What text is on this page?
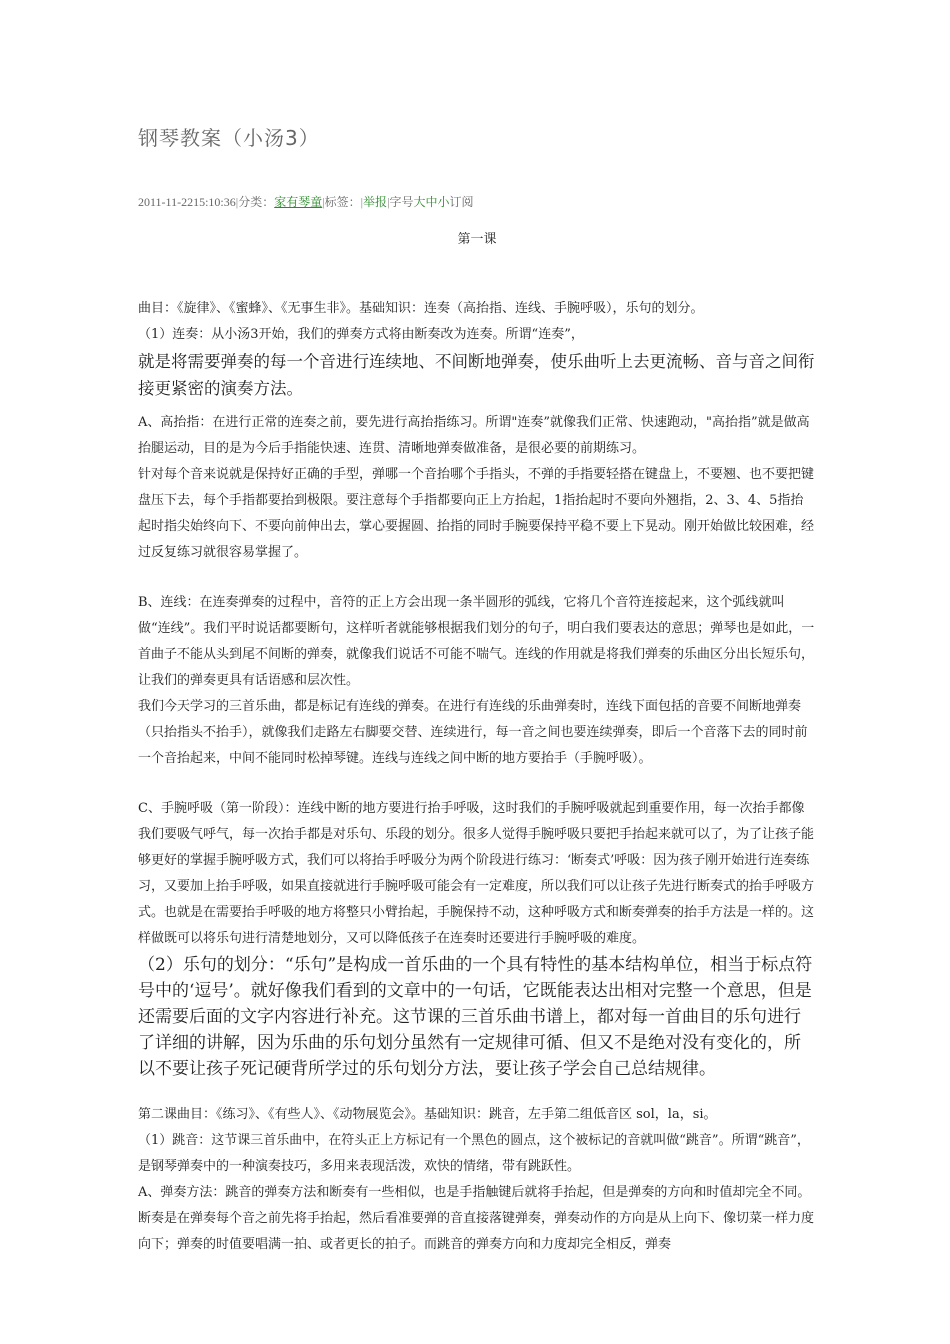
钢琴教案（小汤3）
2011-11-2215:10:36|分类：家有琴童|标签：|举报|字号大中小订阅
第一课

曲目：《旋律》、《蜜蜂》、《无事生非》。基础知识：连奏（高抬指、连线、手腕呼吸），乐句的划分。

（1）连奏：从小汤3开始，我们的弹奏方式将由断奏改为连奏。所谓“连奏”，

就是将需要弹奏的每一个音进行连续地、不间断地弹奏，使乐曲听上去更流畅、音与音之间衔接更紧密的演奏方法。

A、高抬指：在进行正常的连奏之前，要先进行高抬指练习。所谓"连奏”就像我们正常、快速跑动，"高抬指”就是做高抬腿运动，目的是为今后手指能快速、连贯、清晰地弹奏做准备，是很必要的前期练习。

针对每个音来说就是保持好正确的手型，弹哪一个音抬哪个手指头，不弹的手指要轻搭在键盘上，不要翘、也不要把键盘压下去，每个手指都要抬到极限。要注意每个手指都要向正上方抬起，1指抬起时不要向外翘指，2、3、4、5指抬起时指尖始终向下、不要向前伸出去，掌心要握圆、抬指的同时手腕要保持平稳不要上下晃动。刚开始做比较困难，经过反复练习就很容易掌握了。

B、连线：在连奏弹奏的过程中，音符的正上方会出现一条半圆形的弧线，它将几个音符连接起来，这个弧线就叫做“连线”。我们平时说话都要断句，这样听者就能够根据我们划分的句子，明白我们要表达的意思；弹琴也是如此，一首曲子不能从头到尾不间断的弹奏，就像我们说话不可能不喘气。连线的作用就是将我们弹奏的乐曲区分出长短乐句，让我们的弹奏更具有话语感和层次性。

我们今天学习的三首乐曲，都是标记有连线的弹奏。在进行有连线的乐曲弹奏时，连线下面包括的音要不间断地弹奏（只抬指头不抬手），就像我们走路左右脚要交替、连续进行，每一音之间也要连续弹奏，即后一个音落下去的同时前一个音抬起来，中间不能同时松掉琴键。连线与连线之间中断的地方要抬手（手腕呼吸）。

C、手腕呼吸（第一阶段）：连线中断的地方要进行抬手呼吸，这时我们的手腕呼吸就起到重要作用，每一次抬手都像我们要吸气呼气，每一次抬手都是对乐句、乐段的划分。很多人觉得手腕呼吸只要把手抬起来就可以了，为了让孩子能够更好的掌握手腕呼吸方式，我们可以将抬手呼吸分为两个阶段进行练习：‘断奏式’呼吸：因为孩子刚开始进行连奏练习，又要加上抬手呼吸，如果直接就进行手腕呼吸可能会有一定难度，所以我们可以让孩子先进行断奏式的抬手呼吸方式。也就是在需要抬手呼吸的地方将整只小臂抬起，手腕保持不动，这种呼吸方式和断奏弹奏的抬手方法是一样的。这样做既可以将乐句进行清楚地划分，又可以降低孩子在连奏时还要进行手腕呼吸的难度。

（2）乐句的划分：“乐句”是构成一首乐曲的一个具有特性的基本结构单位，相当于标点符号中的‘逗号’。就好像我们看到的文章中的一句话，它既能表达出相对完整一个意思，但是还需要后面的文字内容进行补充。这节课的三首乐曲书谱上，都对每一首曲目的乐句进行了详细的讲解，因为乐曲的乐句划分虽然有一定规律可循、但又不是绝对没有变化的，所以不要让孩子死记硬背所学过的乐句划分方法，要让孩子学会自己总结规律。

第二课曲目：《练习》、《有些人》、《动物展览会》。基础知识：跳音，左手第二组低音区 sol，la，si。

（1）跳音：这节课三首乐曲中，在符头正上方标记有一个黑色的圆点，这个被标记的音就叫做“跳音”。所谓“跳音”，是钢琴弹奏中的一种演奏技巧，多用来表现活泼，欢快的情绪，带有跳跃性。

A、弹奏方法：跳音的弹奏方法和断奏有一些相似，也是手指触键后就将手抬起，但是弹奏的方向和时值却完全不同。断奏是在弹奏每个音之前先将手抬起，然后看准要弹的音直接落键弹奏，弹奏动作的方向是从上向下、像切菜一样力度向下；弹奏的时值要唱满一拍、或者更长的拍子。而跳音的弹奏方向和力度却完全相反，弹奏
